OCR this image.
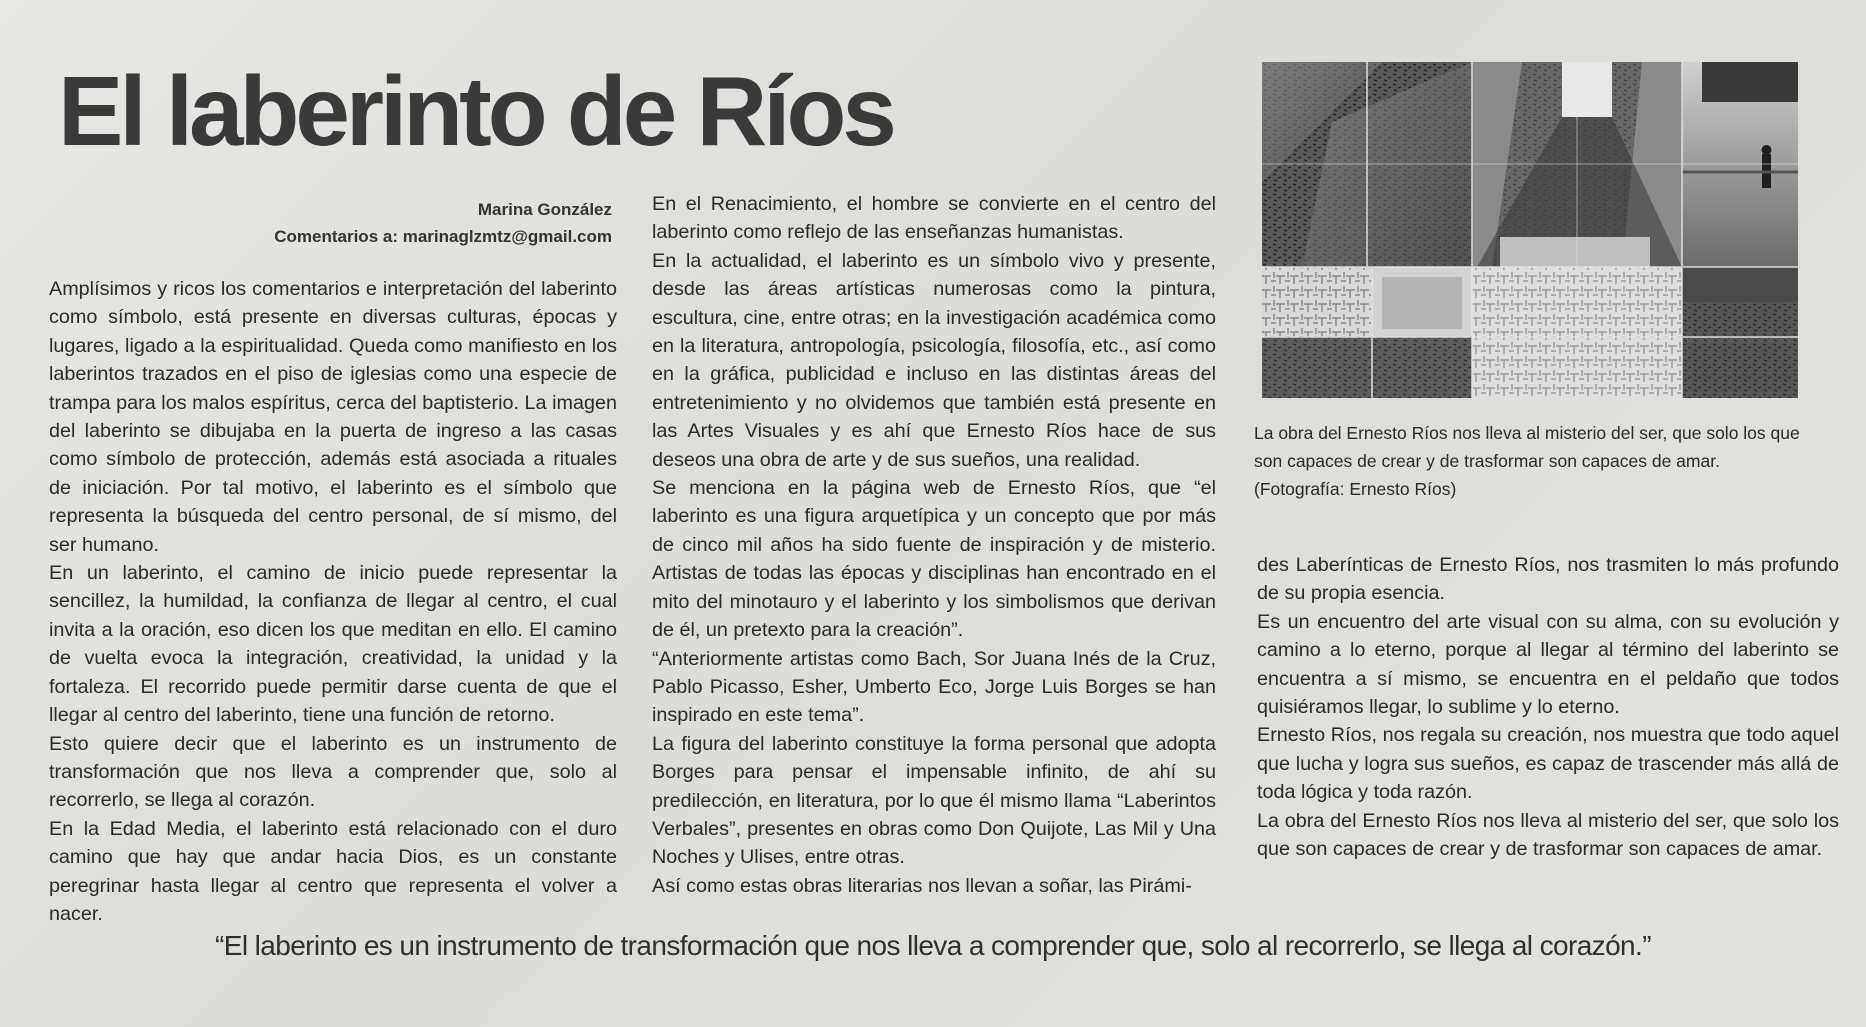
El laberinto de Ríos
Marina González
Comentarios a: marinaglzmtz@gmail.com

Amplísimos y ricos los comentarios e interpretación del laberinto como símbolo, está presente en diversas culturas, épocas y lugares, ligado a la espiritualidad. Queda como manifiesto en los laberintos trazados en el piso de iglesias como una especie de trampa para los malos espíritus, cerca del baptisterio. La imagen del laberinto se dibujaba en la puerta de ingreso a las casas como símbolo de protección, además está asociada a rituales de iniciación. Por tal motivo, el laberinto es el símbolo que representa la búsqueda del centro personal, de sí mismo, del ser humano.

En un laberinto, el camino de inicio puede representar la sencillez, la humildad, la confianza de llegar al centro, el cual invita a la oración, eso dicen los que meditan en ello. El camino de vuelta evoca la integración, creatividad, la unidad y la fortaleza. El recorrido puede permitir darse cuenta de que el llegar al centro del laberinto, tiene una función de retorno.

Esto quiere decir que el laberinto es un instrumento de transformación que nos lleva a comprender que, solo al recorrerlo, se llega al corazón.

En la Edad Media, el laberinto está relacionado con el duro camino que hay que andar hacia Dios, es un constante peregrinar hasta llegar al centro que representa el volver a nacer.

En el Renacimiento, el hombre se convierte en el centro del laberinto como reflejo de las enseñanzas humanistas.

En la actualidad, el laberinto es un símbolo vivo y presente, desde las áreas artísticas numerosas como la pintura, escultura, cine, entre otras; en la investigación académica como en la literatura, antropología, psicología, filosofía, etc., así como en la gráfica, publicidad e incluso en las distintas áreas del entretenimiento y no olvidemos que también está presente en las Artes Visuales y es ahí que Ernesto Ríos hace de sus deseos una obra de arte y de sus sueños, una realidad.

Se menciona en la página web de Ernesto Ríos, que “el laberinto es una figura arquetípica y un concepto que por más de cinco mil años ha sido fuente de inspiración y de misterio. Artistas de todas las épocas y disciplinas han encontrado en el mito del minotauro y el laberinto y los simbolismos que derivan de él, un pretexto para la creación”.

“Anteriormente artistas como Bach, Sor Juana Inés de la Cruz, Pablo Picasso, Esher, Umberto Eco, Jorge Luis Borges se han inspirado en este tema”.

La figura del laberinto constituye la forma personal que adopta Borges para pensar el impensable infinito, de ahí su predilección, en literatura, por lo que él mismo llama “Laberintos Verbales”, presentes en obras como Don Quijote, Las Mil y Una Noches y Ulises, entre otras.

Así como estas obras literarias nos llevan a soñar, las Pirámi-

La obra del Ernesto Ríos nos lleva al misterio del ser, que solo los que son capaces de crear y de trasformar son capaces de amar. (Fotografía: Ernesto Ríos)

des Laberínticas de Ernesto Ríos, nos trasmiten lo más profundo de su propia esencia.

Es un encuentro del arte visual con su alma, con su evolución y camino a lo eterno, porque al llegar al término del laberinto se encuentra a sí mismo, se encuentra en el peldaño que todos quisiéramos llegar, lo sublime y lo eterno.

Ernesto Ríos, nos regala su creación, nos muestra que todo aquel que lucha y logra sus sueños, es capaz de trascender más allá de toda lógica y toda razón.

La obra del Ernesto Ríos nos lleva al misterio del ser, que solo los que son capaces de crear y de trasformar son capaces de amar.

“El laberinto es un instrumento de transformación que nos lleva a comprender que, solo al recorrerlo, se llega al corazón.”
